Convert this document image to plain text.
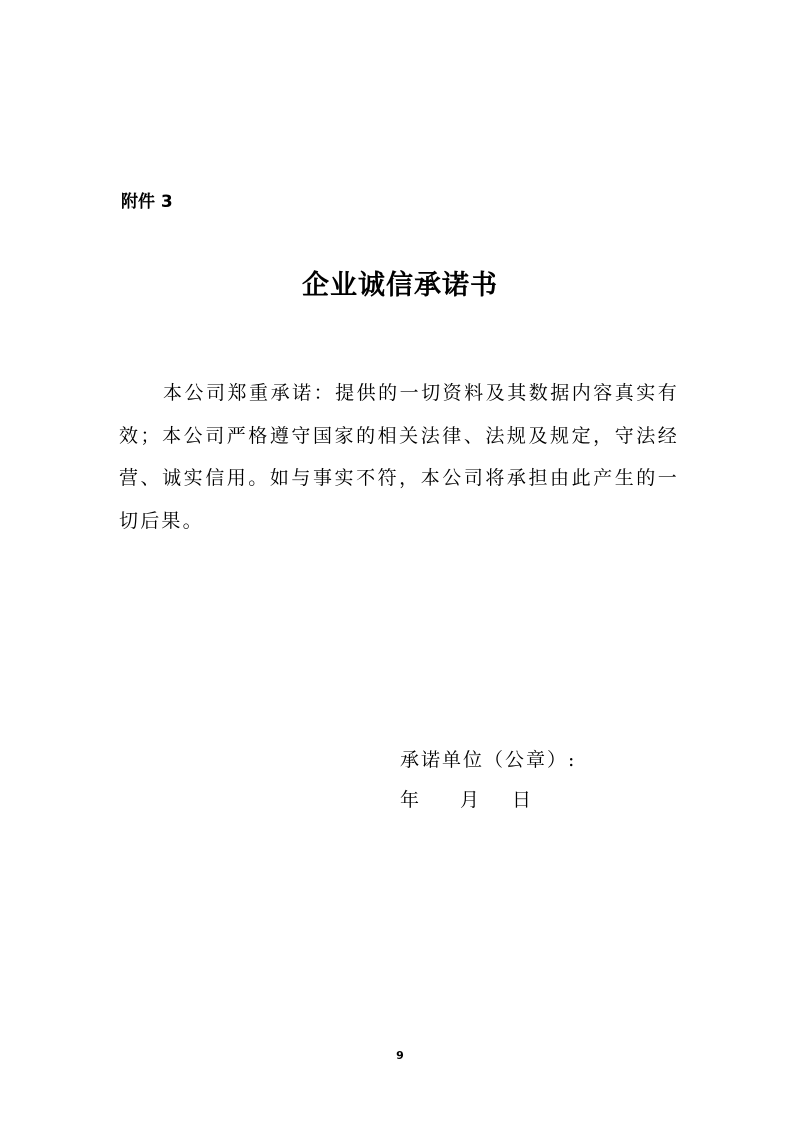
附件 3
企业诚信承诺书

本公司郑重承诺：提供的一切资料及其数据内容真实有效；本公司严格遵守国家的相关法律、法规及规定，守法经营、诚实信用。如与事实不符，本公司将承担由此产生的一切后果。

承诺单位（公章）:
年	月	日
9
